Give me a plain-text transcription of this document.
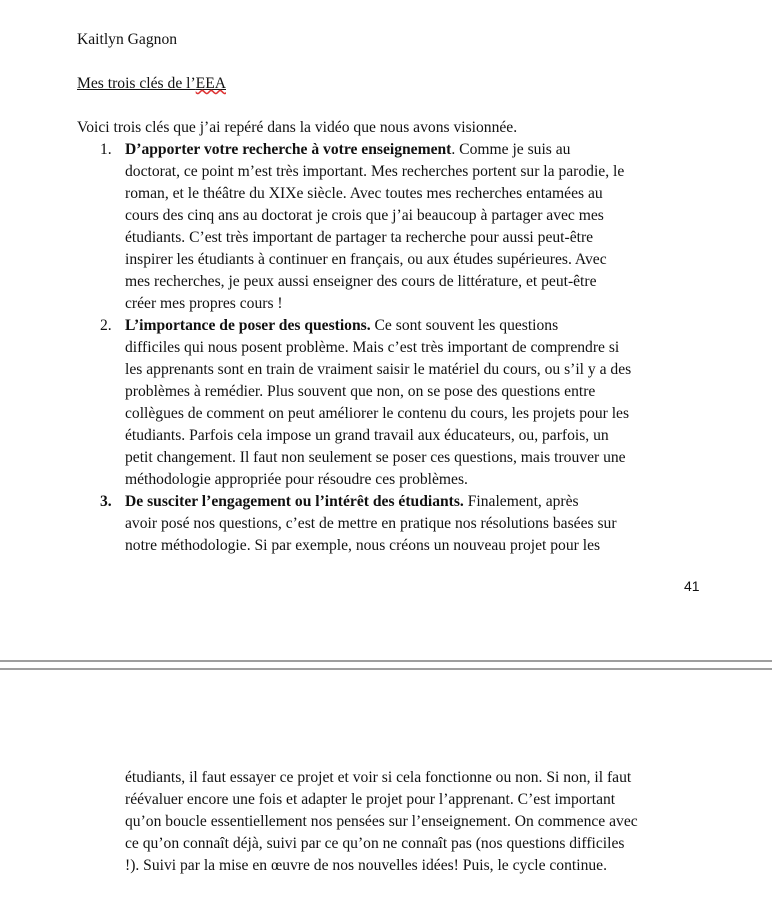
Kaitlyn Gagnon
Mes trois clés de l’EEA
Voici trois clés que j’ai repéré dans la vidéo que nous avons visionnée.
1. D’apporter votre recherche à votre enseignement. Comme je suis au
doctorat, ce point m’est très important. Mes recherches portent sur la parodie, le
roman, et le théâtre du XIXe siècle. Avec toutes mes recherches entamées au
cours des cinq ans au doctorat je crois que j’ai beaucoup à partager avec mes
étudiants. C’est très important de partager ta recherche pour aussi peut-être
inspirer les étudiants à continuer en français, ou aux études supérieures. Avec
mes recherches, je peux aussi enseigner des cours de littérature, et peut-être
créer mes propres cours !
2. L’importance de poser des questions. Ce sont souvent les questions
difficiles qui nous posent problème. Mais c’est très important de comprendre si
les apprenants sont en train de vraiment saisir le matériel du cours, ou s’il y a des
problèmes à remédier. Plus souvent que non, on se pose des questions entre
collègues de comment on peut améliorer le contenu du cours, les projets pour les
étudiants. Parfois cela impose un grand travail aux éducateurs, ou, parfois, un
petit changement. Il faut non seulement se poser ces questions, mais trouver une
méthodologie appropriée pour résoudre ces problèmes.
3. De susciter l’engagement ou l’intérêt des étudiants. Finalement, après
avoir posé nos questions, c’est de mettre en pratique nos résolutions basées sur
notre méthodologie. Si par exemple, nous créons un nouveau projet pour les
41
étudiants, il faut essayer ce projet et voir si cela fonctionne ou non. Si non, il faut
réévaluer encore une fois et adapter le projet pour l’apprenant. C’est important
qu’on boucle essentiellement nos pensées sur l’enseignement. On commence avec
ce qu’on connaît déjà, suivi par ce qu’on ne connaît pas (nos questions difficiles
!). Suivi par la mise en œuvre de nos nouvelles idées! Puis, le cycle continue.
